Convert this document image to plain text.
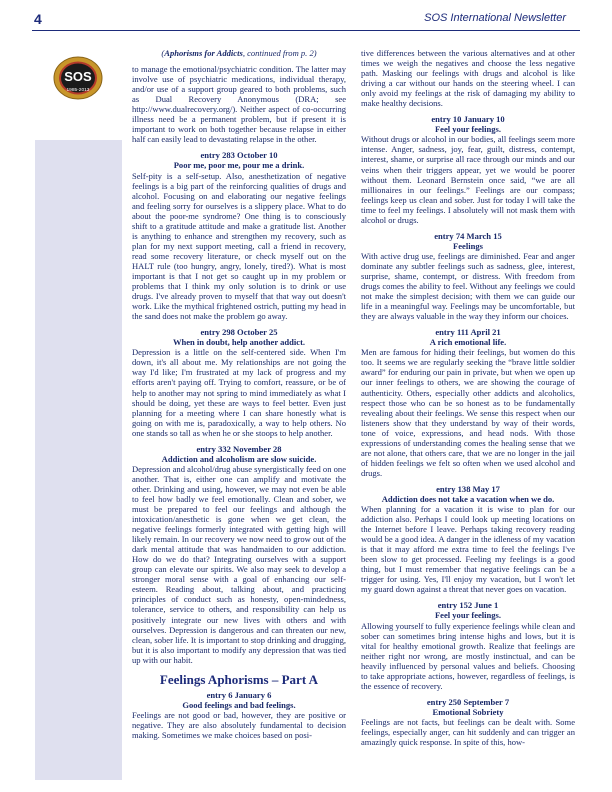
4	SOS International Newsletter
SOS
1985-2013

(Aphorisms for Addicts, continued from p. 2)

to manage the emotional/psychiatric condition. The latter may involve use of psychiatric medications, individual therapy, and/or use of a support group geared to both problems, such as Dual Recovery Anonymous (DRA; see http://www.dualrecovery.org/). Neither aspect of co-occurring illness need be a permanent problem, but if present it is important to work on both together because relapse in either half can easily lead to devastating relapse in the other.

entry 283 October 10

Poor me, poor me, pour me a drink.

Self-pity is a self-setup. Also, anesthetization of negative feelings is a big part of the reinforcing qualities of drugs and alcohol. Focusing on and elaborating our negative feelings and feeling sorry for ourselves is a slippery place. What to do about the poor-me syndrome? One thing is to consciously shift to a gratitude attitude and make a gratitude list. Another is anything to enhance and strengthen my recovery, such as plan for my next support meeting, call a friend in recovery, read some recovery literature, or check myself out on the HALT rule (too hungry, angry, lonely, tired?). What is most important is that I not get so caught up in my problem or problems that I think my only solution is to drink or use drugs. I've already proven to myself that that way out doesn't work. Like the mythical frightened ostrich, putting my head in the sand does not make the problem go away.

entry 298 October 25

When in doubt, help another addict.

Depression is a little on the self-centered side. When I'm down, it's all about me. My relationships are not going the way I'd like; I'm frustrated at my lack of progress and my efforts aren't paying off. Trying to comfort, reassure, or be of help to another may not spring to mind immediately as what I should be doing, yet these are ways to feel better. Even just planning for a meeting where I can share honestly what is going on with me is, paradoxically, a way to help others. No one stands so tall as when he or she stoops to help another.

entry 332 November 28

Addiction and alcoholism are slow suicide.

Depression and alcohol/drug abuse synergistically feed on one another. That is, either one can amplify and motivate the other. Drinking and using, however, we may not even be able to feel how badly we feel emotionally. Clean and sober, we must be prepared to feel our feelings and although the intoxication/anesthetic is gone when we get clean, the negative feelings formerly integrated with getting high will likely remain. In our recovery we now need to grow out of the dark mental attitude that was handmaiden to our addiction. How do we do that? Integrating ourselves with a support group can elevate our spirits. We also may seek to develop a stronger moral sense with a goal of enhancing our self-esteem. Reading about, talking about, and practicing principles of conduct such as honesty, open-mindedness, tolerance, service to others, and responsibility can help us positively integrate our new lives with others and with ourselves. Depression is dangerous and can threaten our new, clean, sober life. It is important to stop drinking and drugging, but it is also important to modify any depression that was tied up with our habit.

Feelings Aphorisms – Part A

entry 6 January 6

Good feelings and bad feelings.

Feelings are not good or bad, however, they are positive or negative. They are also absolutely fundamental to decision making. Sometimes we make choices based on posi-

tive differences between the various alternatives and at other times we weigh the negatives and choose the less negative path. Masking our feelings with drugs and alcohol is like driving a car without our hands on the steering wheel. I can only avoid my feelings at the risk of damaging my ability to make healthy decisions.

entry 10 January 10

Feel your feelings.

Without drugs or alcohol in our bodies, all feelings seem more intense. Anger, sadness, joy, fear, guilt, distress, contempt, interest, shame, or surprise all race through our minds and our veins when their triggers appear, yet we would be poorer without them. Leonard Bernstein once said, “we are all millionaires in our feelings.” Feelings are our compass; feelings keep us clean and sober. Just for today I will take the time to feel my feelings. I absolutely will not mask them with alcohol or drugs.

entry 74 March 15

Feelings

With active drug use, feelings are diminished. Fear and anger dominate any subtler feelings such as sadness, glee, interest, surprise, shame, contempt, or distress. With freedom from drugs comes the ability to feel. Without any feelings we could not make the simplest decision; with them we can guide our life in a meaningful way. Feelings may be uncomfortable, but they are always valuable in the way they inform our choices.

entry 111 April 21

A rich emotional life.

Men are famous for hiding their feelings, but women do this too. It seems we are regularly seeking the “brave little soldier award” for enduring our pain in private, but when we open up our inner feelings to others, we are showing the courage of authenticity. Others, especially other addicts and alcoholics, respect those who can be so honest as to be fundamentally revealing about their feelings. We sense this respect when our listeners show that they understand by way of their words, tone of voice, expressions, and head nods. With those expressions of understanding comes the healing sense that we are not alone, that others care, that we are no longer in the jail of hidden feelings we felt so often when we used alcohol and drugs.

entry 138 May 17

Addiction does not take a vacation when we do.

When planning for a vacation it is wise to plan for our addiction also. Perhaps I could look up meeting locations on the Internet before I leave. Perhaps taking recovery reading would be a good idea. A danger in the idleness of my vacation is that it may afford me extra time to feel the feelings I've been slow to get processed. Feeling my feelings is a good thing, but I must remember that negative feelings can be a trigger for using. Yes, I'll enjoy my vacation, but I won't let my guard down against a threat that never goes on vacation.

entry 152 June 1

Feel your feelings.

Allowing yourself to fully experience feelings while clean and sober can sometimes bring intense highs and lows, but it is vital for healthy emotional growth. Realize that feelings are neither right nor wrong, are mostly instinctual, and can be heavily influenced by personal values and beliefs. Choosing to take appropriate actions, however, regardless of feelings, is the essence of recovery.

entry 250 September 7

Emotional Sobriety

Feelings are not facts, but feelings can be dealt with. Some feelings, especially anger, can hit suddenly and can trigger an amazingly quick response. In spite of this, how-
